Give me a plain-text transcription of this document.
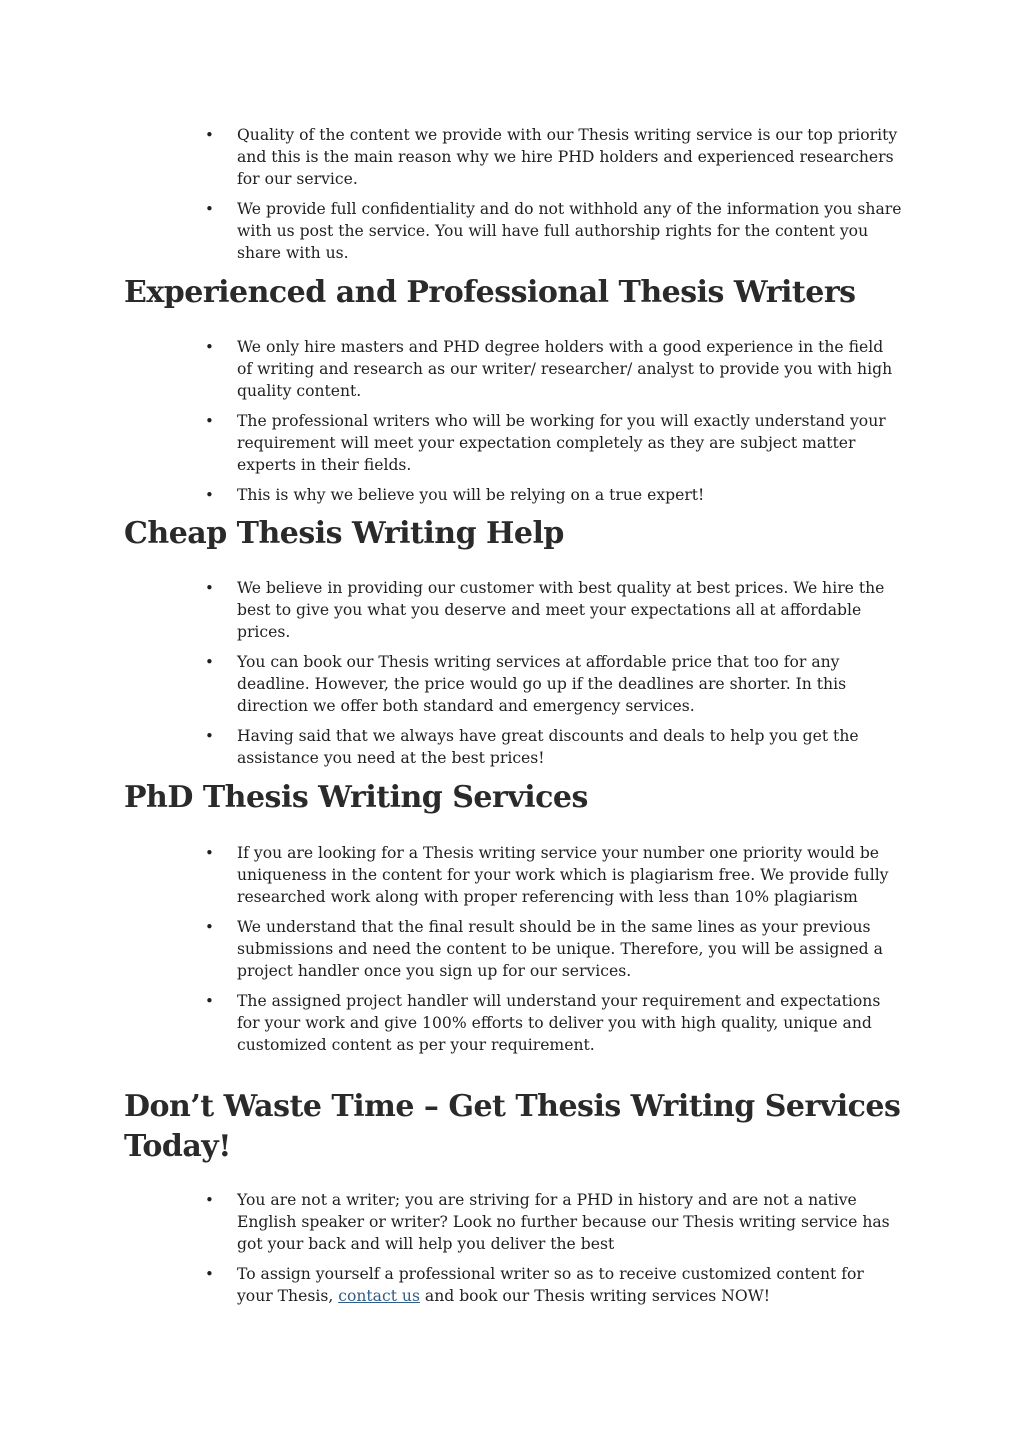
• Quality of the content we provide with our Thesis writing service is our top priority and this is the main reason why we hire PHD holders and experienced researchers for our service.
• We provide full confidentiality and do not withhold any of the information you share with us post the service. You will have full authorship rights for the content you share with us.
Experienced and Professional Thesis Writers
• We only hire masters and PHD degree holders with a good experience in the field of writing and research as our writer/ researcher/ analyst to provide you with high quality content.
• The professional writers who will be working for you will exactly understand your requirement will meet your expectation completely as they are subject matter experts in their fields.
• This is why we believe you will be relying on a true expert!
Cheap Thesis Writing Help
• We believe in providing our customer with best quality at best prices. We hire the best to give you what you deserve and meet your expectations all at affordable prices.
• You can book our Thesis writing services at affordable price that too for any deadline. However, the price would go up if the deadlines are shorter. In this direction we offer both standard and emergency services.
• Having said that we always have great discounts and deals to help you get the assistance you need at the best prices!
PhD Thesis Writing Services
• If you are looking for a Thesis writing service your number one priority would be uniqueness in the content for your work which is plagiarism free. We provide fully researched work along with proper referencing with less than 10% plagiarism
• We understand that the final result should be in the same lines as your previous submissions and need the content to be unique. Therefore, you will be assigned a project handler once you sign up for our services.
• The assigned project handler will understand your requirement and expectations for your work and give 100% efforts to deliver you with high quality, unique and customized content as per your requirement.
Don’t Waste Time – Get Thesis Writing Services Today!
• You are not a writer; you are striving for a PHD in history and are not a native English speaker or writer? Look no further because our Thesis writing service has got your back and will help you deliver the best
• To assign yourself a professional writer so as to receive customized content for your Thesis, contact us and book our Thesis writing services NOW!
